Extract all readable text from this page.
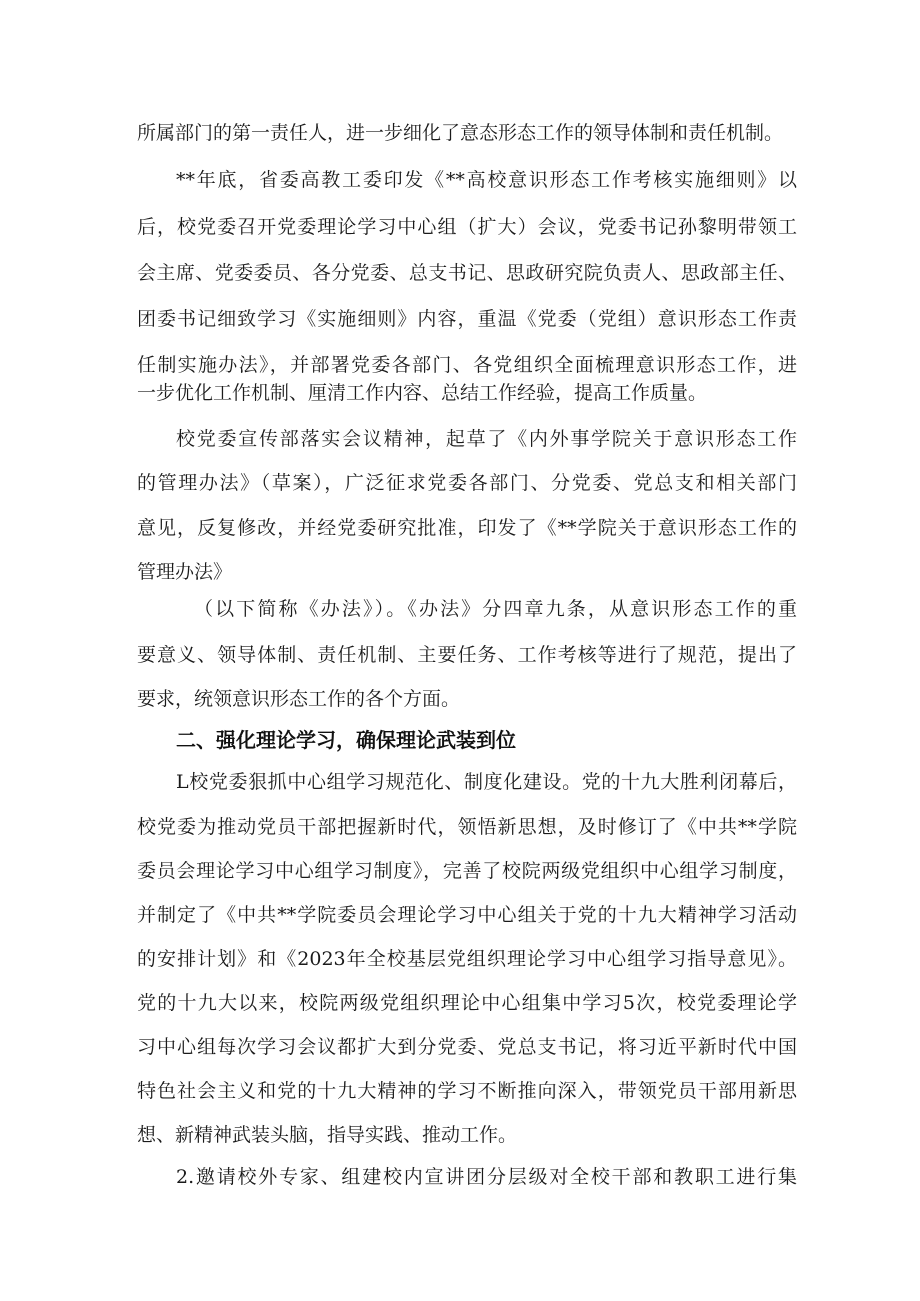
所属部门的第一责任人，进一步细化了意态形态工作的领导体制和责任机制。
**年底，省委高教工委印发《**高校意识形态工作考核实施细则》以
后，校党委召开党委理论学习中心组（扩大）会议，党委书记孙黎明带领工
会主席、党委委员、各分党委、总支书记、思政研究院负责人、思政部主任、
团委书记细致学习《实施细则》内容，重温《党委（党组）意识形态工作责
任制实施办法》，并部署党委各部门、各党组织全面梳理意识形态工作，进
一步优化工作机制、厘清工作内容、总结工作经验，提高工作质量。
校党委宣传部落实会议精神，起草了《内外事学院关于意识形态工作
的管理办法》（草案），广泛征求党委各部门、分党委、党总支和相关部门
意见，反复修改，并经党委研究批准，印发了《**学院关于意识形态工作的
管理办法》
（以下简称《办法》）。《办法》分四章九条，从意识形态工作的重
要意义、领导体制、责任机制、主要任务、工作考核等进行了规范，提出了
要求，统领意识形态工作的各个方面。
二、强化理论学习，确保理论武装到位
L校党委狠抓中心组学习规范化、制度化建设。党的十九大胜利闭幕后，
校党委为推动党员干部把握新时代，领悟新思想，及时修订了《中共**学院
委员会理论学习中心组学习制度》，完善了校院两级党组织中心组学习制度，
并制定了《中共**学院委员会理论学习中心组关于党的十九大精神学习活动
的安排计划》和《2023年全校基层党组织理论学习中心组学习指导意见》。
党的十九大以来，校院两级党组织理论中心组集中学习5次，校党委理论学
习中心组每次学习会议都扩大到分党委、党总支书记，将习近平新时代中国
特色社会主义和党的十九大精神的学习不断推向深入，带领党员干部用新思
想、新精神武装头脑，指导实践、推动工作。
2.邀请校外专家、组建校内宣讲团分层级对全校干部和教职工进行集
